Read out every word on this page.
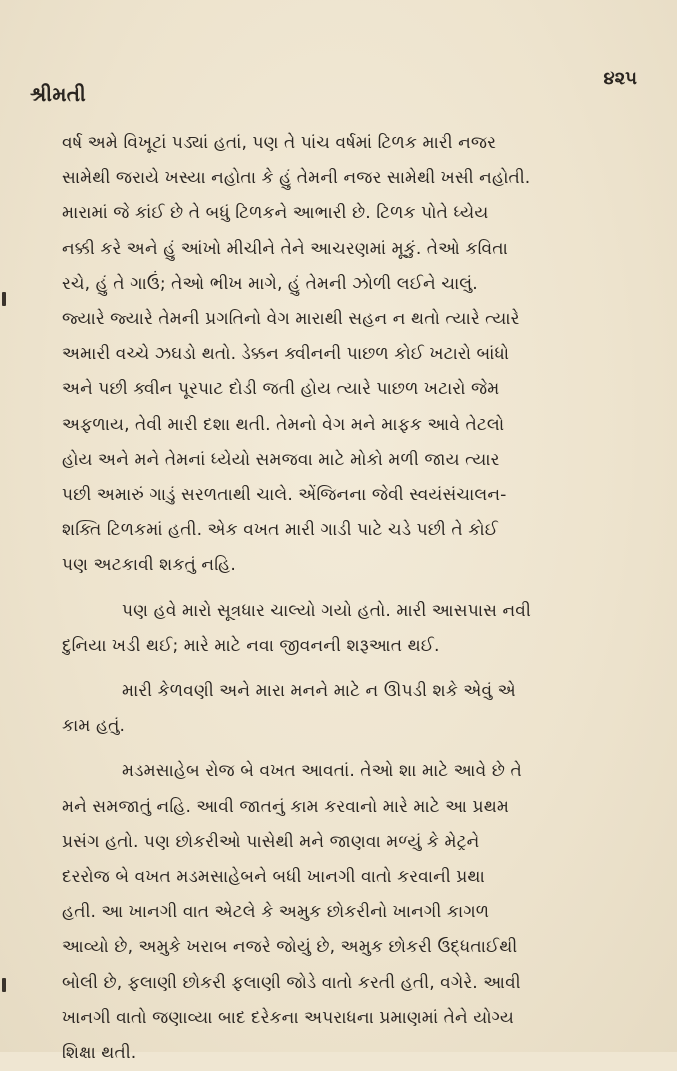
શ્રીમતી
૪૨૫
વર્ષ અમે વિખૂટાં પડ્યાં હતાં, પણ તે પાંચ વર્ષમાં ટિળક મારી નજર
સામેથી જરાયે ખસ્યા નહોતા કે હું તેમની નજર સામેથી ખસી નહોતી.
મારામાં જે કાંઈ છે તે બધું ટિળકને આભારી છે. ટિળક પોતે ધ્યેય
નક્કી કરે અને હું આંખો મીચીને તેને આચરણમાં મૂકું. તેઓ કવિતા
રચે, હું તે ગાઉં; તેઓ ભીખ માગે, હું તેમની ઝોળી લઈને ચાલું.
જ્યારે જ્યારે તેમની પ્રગતિનો વેગ મારાથી સહન ન થતો ત્યારે ત્યારે
અમારી વચ્ચે ઝઘડો થતો. ડેક્કન ક્વીનની પાછળ કોઈ ખટારો બાંધો
અને પછી ક્વીન પૂરપાટ દોડી જતી હોય ત્યારે પાછળ ખટારો જેમ
અફળાય, તેવી મારી દશા થતી. તેમનો વેગ મને માફક આવે તેટલો
હોય અને મને તેમનાં ધ્યેયો સમજવા માટે મોકો મળી જાય ત્યાર
પછી અમારું ગાડું સરળતાથી ચાલે. એંજિનના જેવી સ્વયંસંચાલન-
શક્તિ ટિળકમાં હતી. એક વખત મારી ગાડી પાટે ચડે પછી તે કોઈ
પણ અટકાવી શકતું નહિ.
પણ હવે મારો સૂત્રધાર ચાલ્યો ગયો હતો. મારી આસપાસ નવી
દુનિયા ખડી થઈ; મારે માટે નવા જીવનની શરૂઆત થઈ.
મારી કેળવણી અને મારા મનને માટે ન ઊપડી શકે એવું એ
કામ હતું.
મડમસાહેબ રોજ બે વખત આવતાં. તેઓ શા માટે આવે છે તે
મને સમજાતું નહિ. આવી જાતનું કામ કરવાનો મારે માટે આ પ્રથમ
પ્રસંગ હતો. પણ છોકરીઓ પાસેથી મને જાણવા મળ્યું કે મેટ્રને
દરરોજ બે વખત મડમસાહેબને બધી ખાનગી વાતો કરવાની પ્રથા
હતી. આ ખાનગી વાત એટલે કે અમુક છોકરીનો ખાનગી કાગળ
આવ્યો છે, અમુકે ખરાબ નજરે જોયું છે, અમુક છોકરી ઉદ્ધતાઈથી
બોલી છે, ફલાણી છોકરી ફલાણી જોડે વાતો કરતી હતી, વગેરે. આવી
ખાનગી વાતો જણાવ્યા બાદ દરેકના અપરાધના પ્રમાણમાં તેને યોગ્ય
શિક્ષા થતી.
